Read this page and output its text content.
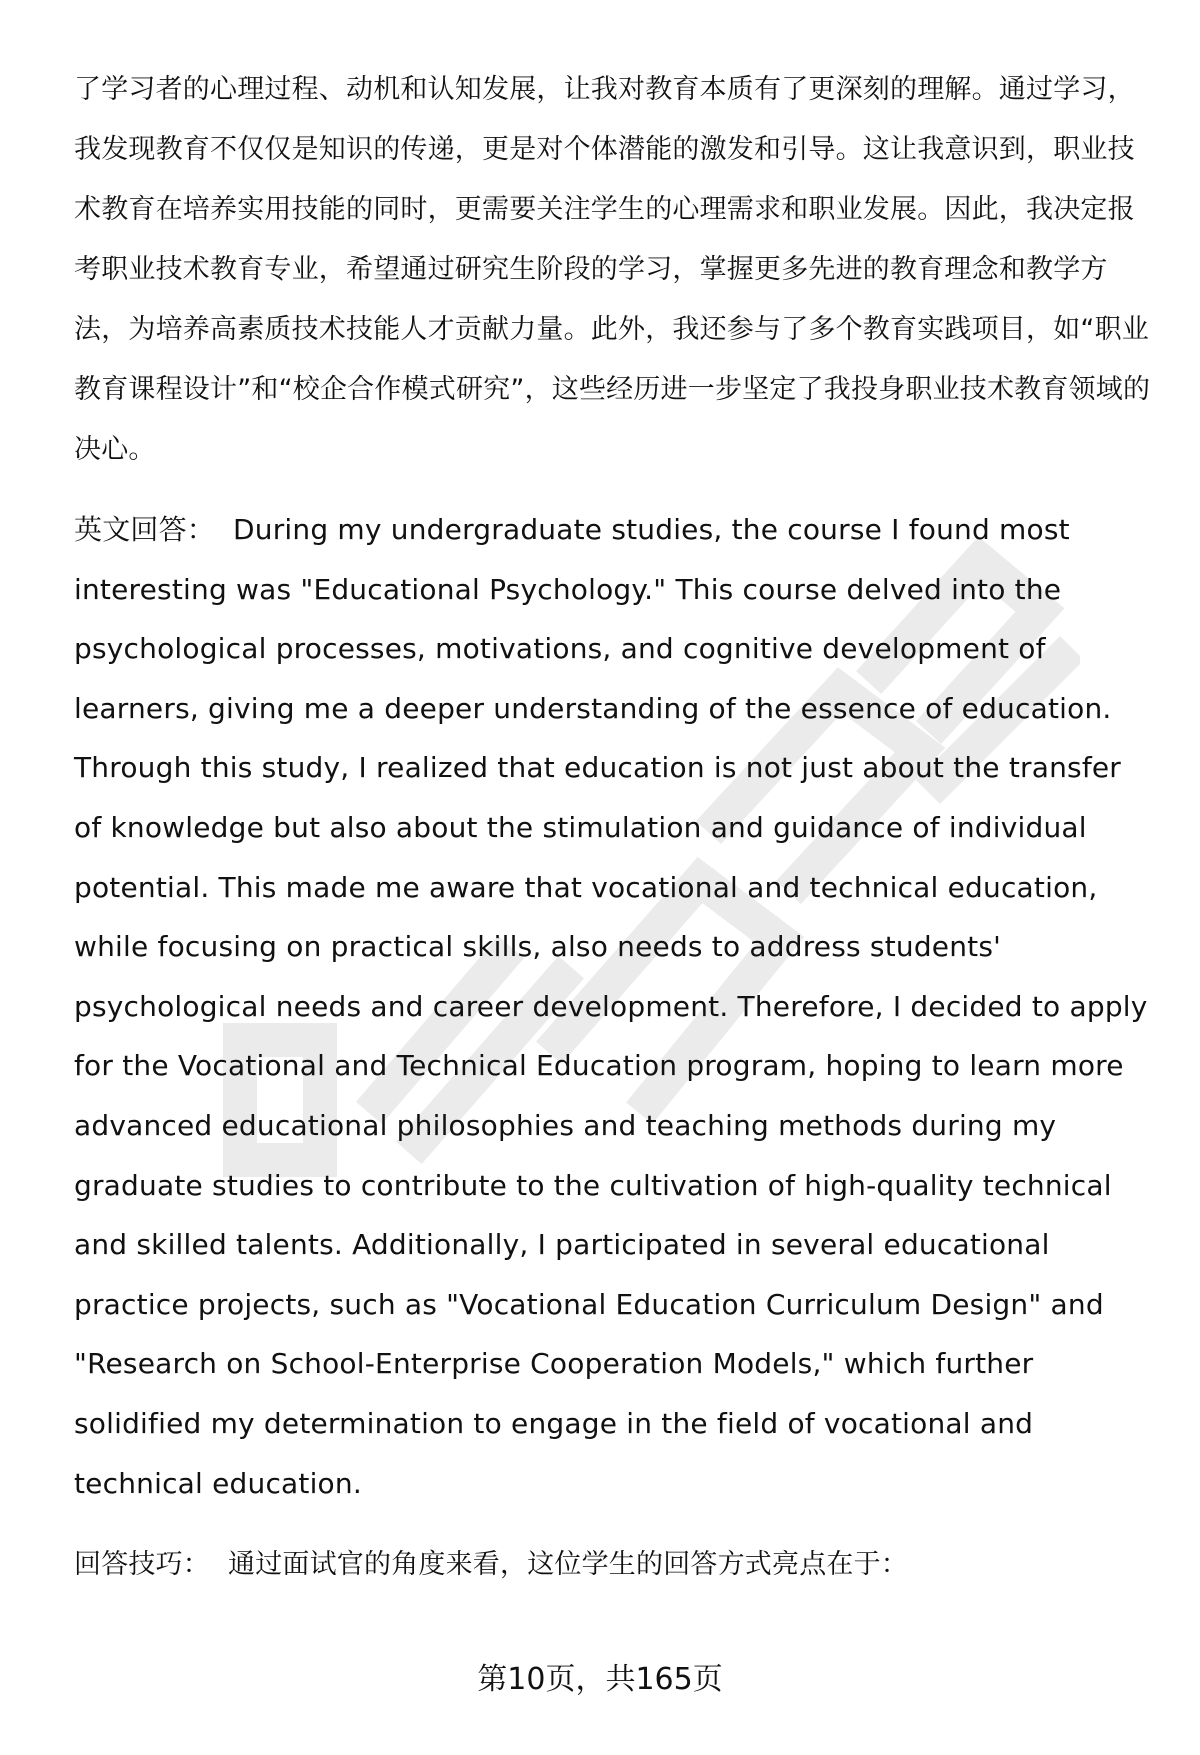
了学习者的心理过程、动机和认知发展，让我对教育本质有了更深刻的理解。通过学习，我发现教育不仅仅是知识的传递，更是对个体潜能的激发和引导。这让我意识到，职业技术教育在培养实用技能的同时，更需要关注学生的心理需求和职业发展。因此，我决定报考职业技术教育专业，希望通过研究生阶段的学习，掌握更多先进的教育理念和教学方法，为培养高素质技术技能人才贡献力量。此外，我还参与了多个教育实践项目，如“职业教育课程设计”和“校企合作模式研究”，这些经历进一步坚定了我投身职业技术教育领域的决心。

英文回答： During my undergraduate studies, the course I found most interesting was "Educational Psychology." This course delved into the psychological processes, motivations, and cognitive development of learners, giving me a deeper understanding of the essence of education. Through this study, I realized that education is not just about the transfer of knowledge but also about the stimulation and guidance of individual potential. This made me aware that vocational and technical education, while focusing on practical skills, also needs to address students' psychological needs and career development. Therefore, I decided to apply for the Vocational and Technical Education program, hoping to learn more advanced educational philosophies and teaching methods during my graduate studies to contribute to the cultivation of high-quality technical and skilled talents. Additionally, I participated in several educational practice projects, such as "Vocational Education Curriculum Design" and "Research on School-Enterprise Cooperation Models," which further solidified my determination to engage in the field of vocational and technical education.

回答技巧： 通过面试官的角度来看，这位学生的回答方式亮点在于：

第10页，共165页
